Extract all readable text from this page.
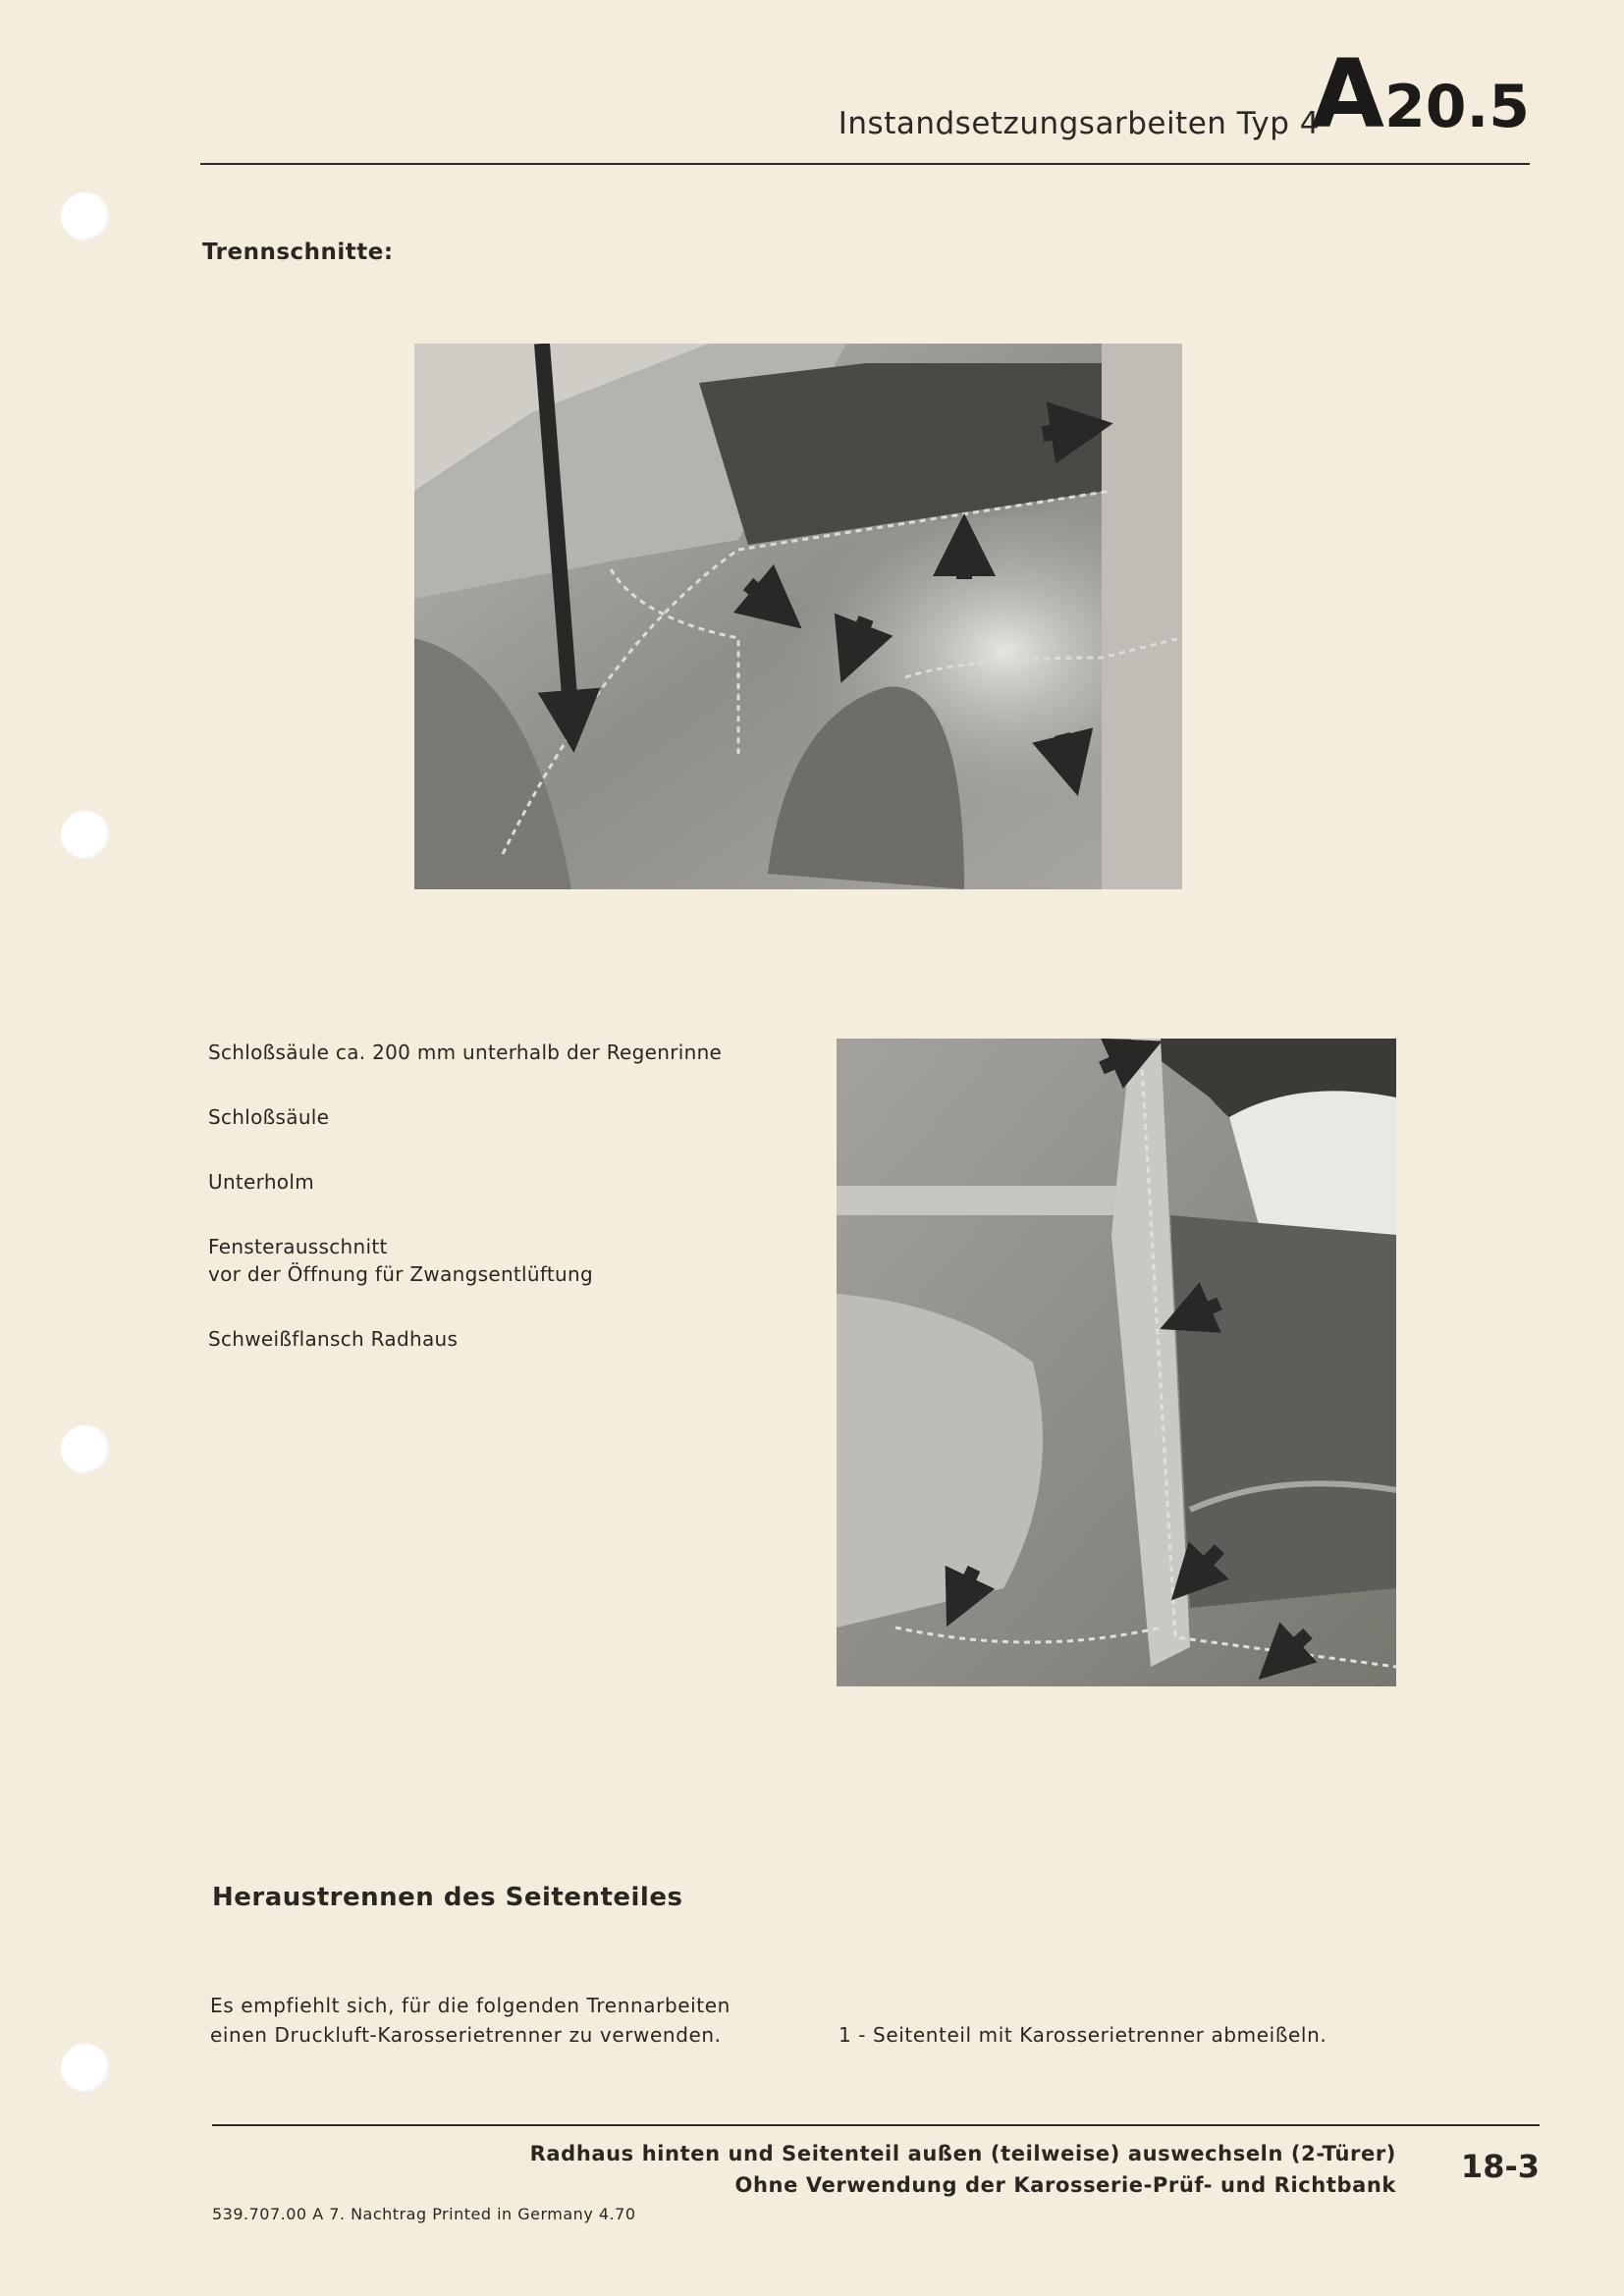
Instandsetzungsarbeiten Typ 4
A20.5
Trennschnitte:
Schloßsäule ca. 200 mm unterhalb der Regenrinne
Schloßsäule
Unterholm
Fensterausschnitt
vor der Öffnung für Zwangsentlüftung
Schweißflansch Radhaus
Heraustrennen des Seitenteiles
Es empfiehlt sich, für die folgenden Trennarbeiten
einen Druckluft-Karosserietrenner zu verwenden.	1 - Seitenteil mit Karosserietrenner abmeißeln.
Radhaus hinten und Seitenteil außen (teilweise) auswechseln (2-Türer)
Ohne Verwendung der Karosserie-Prüf- und Richtbank 18-3
539.707.00 A 7. Nachtrag Printed in Germany 4.70
